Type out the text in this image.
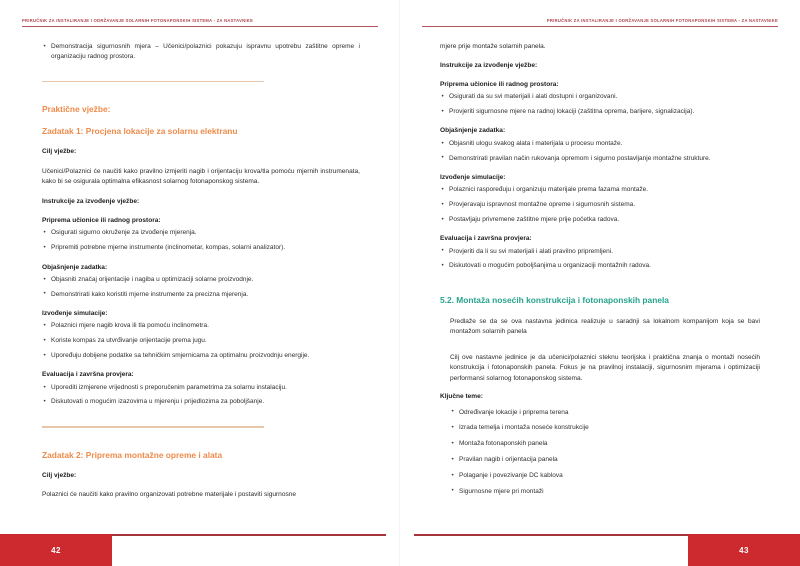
PRIRUČNIK ZA INSTALIRANJE I ODRŽAVANJE SOLARNIH FOTONAPONSKIH SISTEMA - ZA NASTAVNIKE
• Demonstracija sigurnosnih mjera – Učenici/polaznici pokazuju ispravnu upotrebu zaštitne opreme i organizaciju radnog prostora.
Praktične vježbe:
Zadatak 1: Procjena lokacije za solarnu elektranu
Cilj vježbe:

Učenici/Polaznici će naučiti kako pravilno izmjeriti nagib i orijentaciju krova/tla pomoću mjernih instrumenata, kako bi se osigurala optimalna efikasnost solarnog fotonaponskog sistema.

Instrukcije za izvođenje vježbe:
Priprema učionice ili radnog prostora:
• Osigurati sigurno okruženje za izvođenje mjerenja.
• Pripremiti potrebne mjerne instrumente (inclinometar, kompas, solarni analizator).
Objašnjenje zadatka:
• Objasniti značaj orijentacije i nagiba u optimizaciji solarne proizvodnje.
• Demonstrirati kako koristiti mjerne instrumente za precizna mjerenja.
Izvođenje simulacije:
• Polaznici mjere nagib krova ili tla pomoću inclinometra.
• Koriste kompas za utvrđivanje orijentacije prema jugu.
• Upoređuju dobijene podatke sa tehničkim smjernicama za optimalnu proizvodnju energije.
Evaluacija i završna provjera:
• Uporediti izmjerene vrijednosti s preporučenim parametrima za solarnu instalaciju.
• Diskutovati o mogućim izazovima u mjerenju i prijedlozima za poboljšanje.
Zadatak 2: Priprema montažne opreme i alata
Cilj vježbe:

Polaznici će naučiti kako pravilno organizovati potrebne materijale i postaviti sigurnosne

42
PRIRUČNIK ZA INSTALIRANJE I ODRŽAVANJE SOLARNIH FOTONAPONSKIH SISTEMA - ZA NASTAVNIKE

mjere prije montaže solarnih panela.

Instrukcije za izvođenje vježbe:
Priprema učionice ili radnog prostora:
• Osigurati da su svi materijali i alati dostupni i organizovani.
• Provjeriti sigurnosne mjere na radnoj lokaciji (zaštitna oprema, barijere, signalizacija).
Objašnjenje zadatka:
• Objasniti ulogu svakog alata i materijala u procesu montaže.
• Demonstrirati pravilan način rukovanja opremom i sigurno postavljanje montažne strukture.
Izvođenje simulacije:
• Polaznici raspoređuju i organizuju materijale prema fazama montaže.
• Provjeravaju ispravnost montažne opreme i sigurnosnih sistema.
• Postavljaju privremene zaštitne mjere prije početka radova.
Evaluacija i završna provjera:
• Provjeriti da li su svi materijali i alati pravilno pripremljeni.
• Diskutovati o mogućim poboljšanjima u organizaciji montažnih radova.
5.2. Montaža nosećih konstrukcija i fotonaponskih panela

Predlaže se da se ova nastavna jedinica realizuje u saradnji sa lokalnom kompanijom koja se bavi montažom solarnih panela

Cilj ove nastavne jedinice je da učenici/polaznici steknu teorijska i praktična znanja o montaži nosećih konstrukcija i fotonaponskih panela. Fokus je na pravilnoj instalaciji, sigurnosnim mjerama i optimizaciji performansi solarnog fotonaponskog sistema.

Ključne teme:
• Određivanje lokacije i priprema terena
• Izrada temelja i montaža noseće konstrukcije
• Montaža fotonaponskih panela
• Pravilan nagib i orijentacija panela
• Polaganje i povezivanje DC kablova
• Sigurnosne mjere pri montaži
43
